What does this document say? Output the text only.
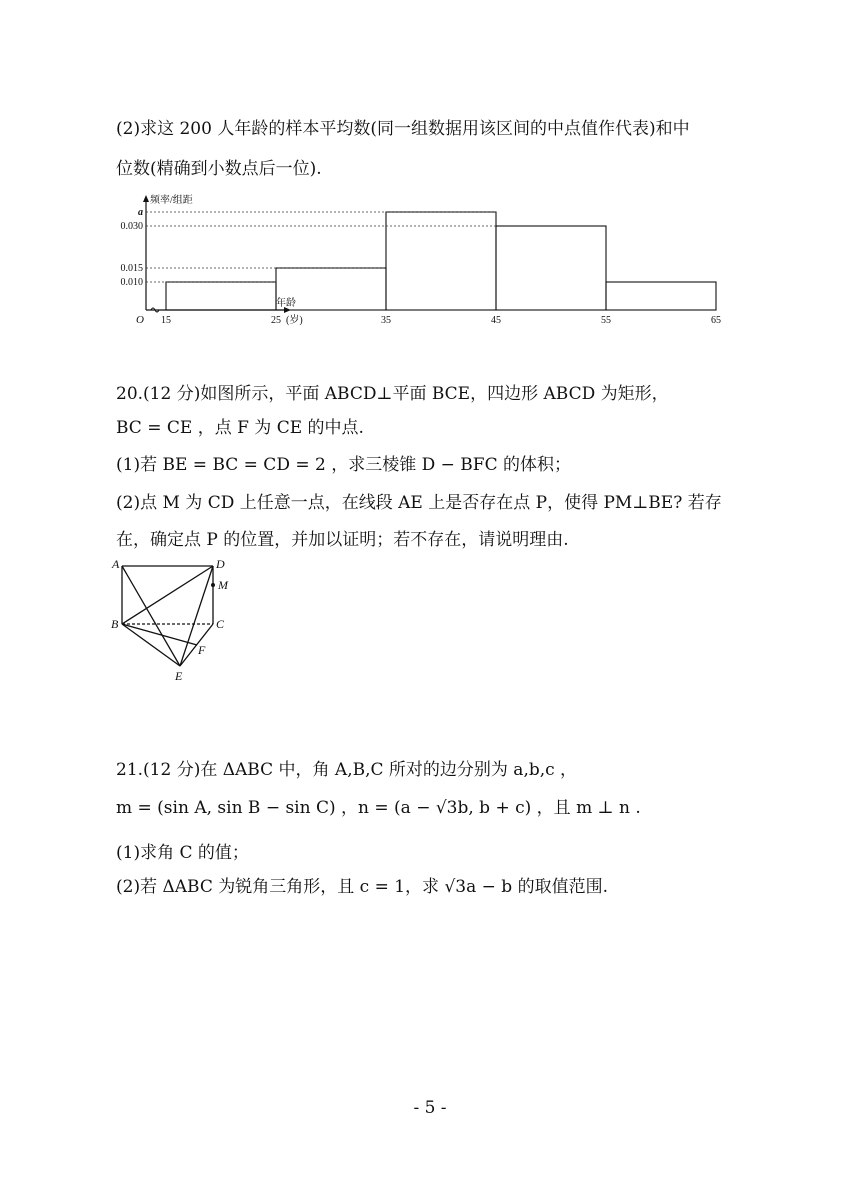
(2)求这 200 人年龄的样本平均数(同一组数据用该区间的中点值作代表)和中
位数(精确到小数点后一位).
a
0.030
0.015
0.010
15	25	35	45	55	65
O
频率/组距
年龄
(岁)
20.(12 分)如图所示，平面 ABCD⊥平面 BCE，四边形 ABCD 为矩形，
BC = CE ，点 F 为 CE 的中点.
(1)若 BE = BC = CD = 2 ，求三棱锥 D − BFC 的体积；
(2)点 M 为 CD 上任意一点，在线段 AE 上是否存在点 P，使得 PM⊥BE? 若存
在，确定点 P 的位置，并加以证明；若不存在，请说明理由.
A	D
M
B	C
F
E
21.(12 分)在 ΔABC 中，角 A,B,C 所对的边分别为 a,b,c ，
m = (sin A, sin B − sin C) ，n = (a − √3b, b + c) ，且 m ⊥ n .
(1)求角 C 的值；
(2)若 ΔABC 为锐角三角形，且 c = 1，求 √3a − b 的取值范围.
- 5 -
